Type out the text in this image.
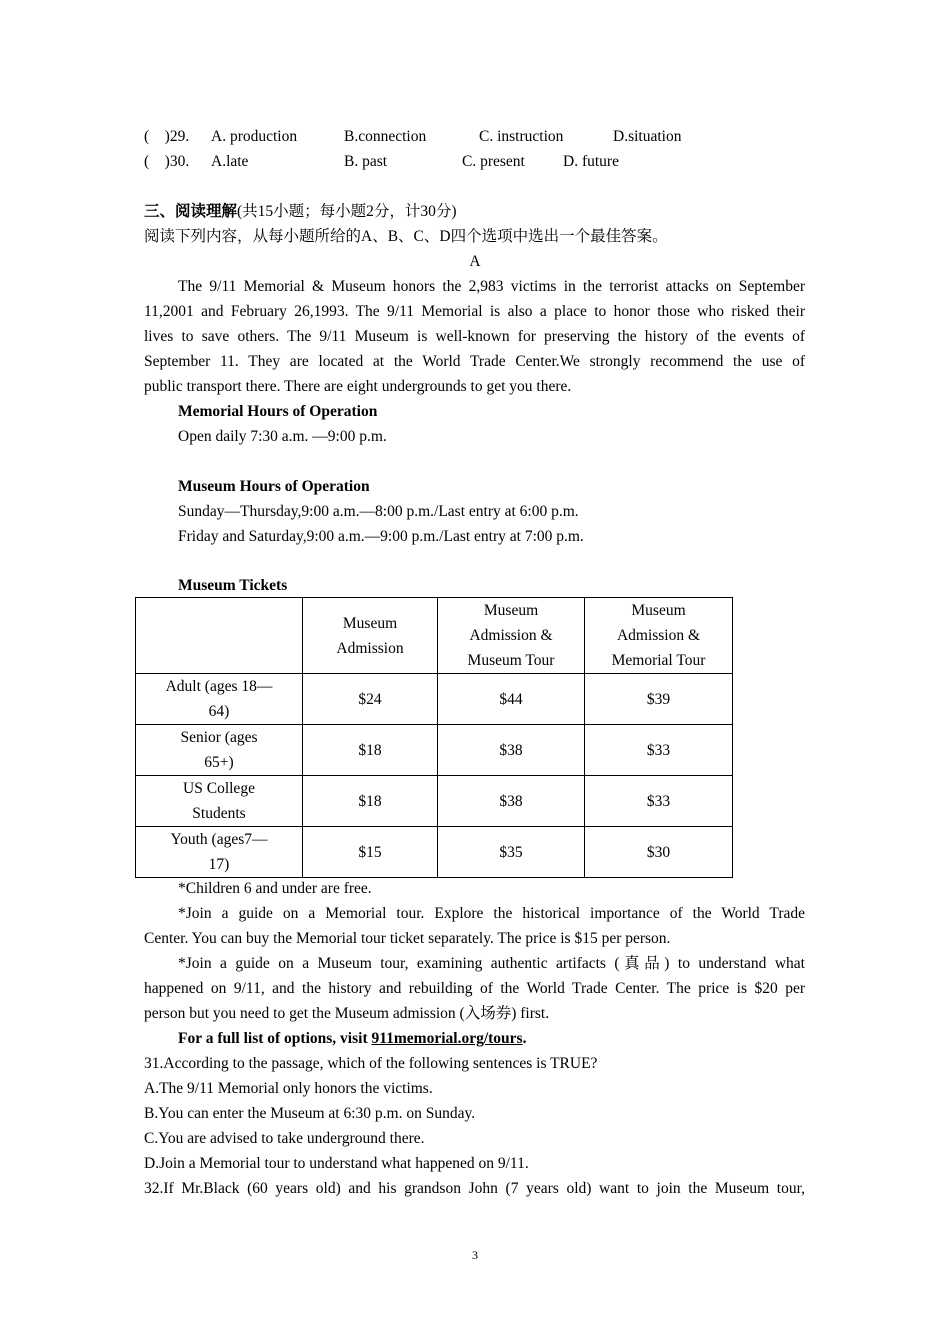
(　)29. A. production	B.connection	C. instruction	D.situation
(　)30. A.late	B. past	C. present D. future
三、阅读理解(共15小题；每小题2分，计30分)
阅读下列内容，从每小题所给的A、B、C、D四个选项中选出一个最佳答案。
A
The 9/11 Memorial & Museum honors the 2,983 victims in the terrorist attacks on September
11,2001 and February 26,1993. The 9/11 Memorial is also a place to honor those who risked their
lives to save others. The 9/11 Museum is well-known for preserving the history of the events of
September 11. They are located at the World Trade Center.We strongly recommend the use of
public transport there. There are eight undergrounds to get you there.
Memorial Hours of Operation
Open daily 7:30 a.m. —9:00 p.m.
Museum Hours of Operation
Sunday—Thursday,9:00 a.m.—8:00 p.m./Last entry at 6:00 p.m.
Friday and Saturday,9:00 a.m.—9:00 p.m./Last entry at 7:00 p.m.
Museum Tickets
	Museum Admission	Museum Admission & Museum Tour	Museum Admission & Memorial Tour
Adult (ages 18—64)	$24	$44	$39
Senior (ages 65+)	$18	$38	$33
US College Students	$18	$38	$33
Youth (ages7—17)	$15	$35	$30
*Children 6 and under are free.
*Join a guide on a Memorial tour. Explore the historical importance of the World Trade
Center. You can buy the Memorial tour ticket separately. The price is $15 per person.
*Join a guide on a Museum tour, examining authentic artifacts (真品) to understand what
happened on 9/11, and the history and rebuilding of the World Trade Center. The price is $20 per
person but you need to get the Museum admission (入场券) first.
For a full list of options, visit 911memorial.org/tours.
31.According to the passage, which of the following sentences is TRUE?
A.The 9/11 Memorial only honors the victims.
B.You can enter the Museum at 6:30 p.m. on Sunday.
C.You are advised to take underground there.
D.Join a Memorial tour to understand what happened on 9/11.
32.If Mr.Black (60 years old) and his grandson John (7 years old) want to join the Museum tour,
3
